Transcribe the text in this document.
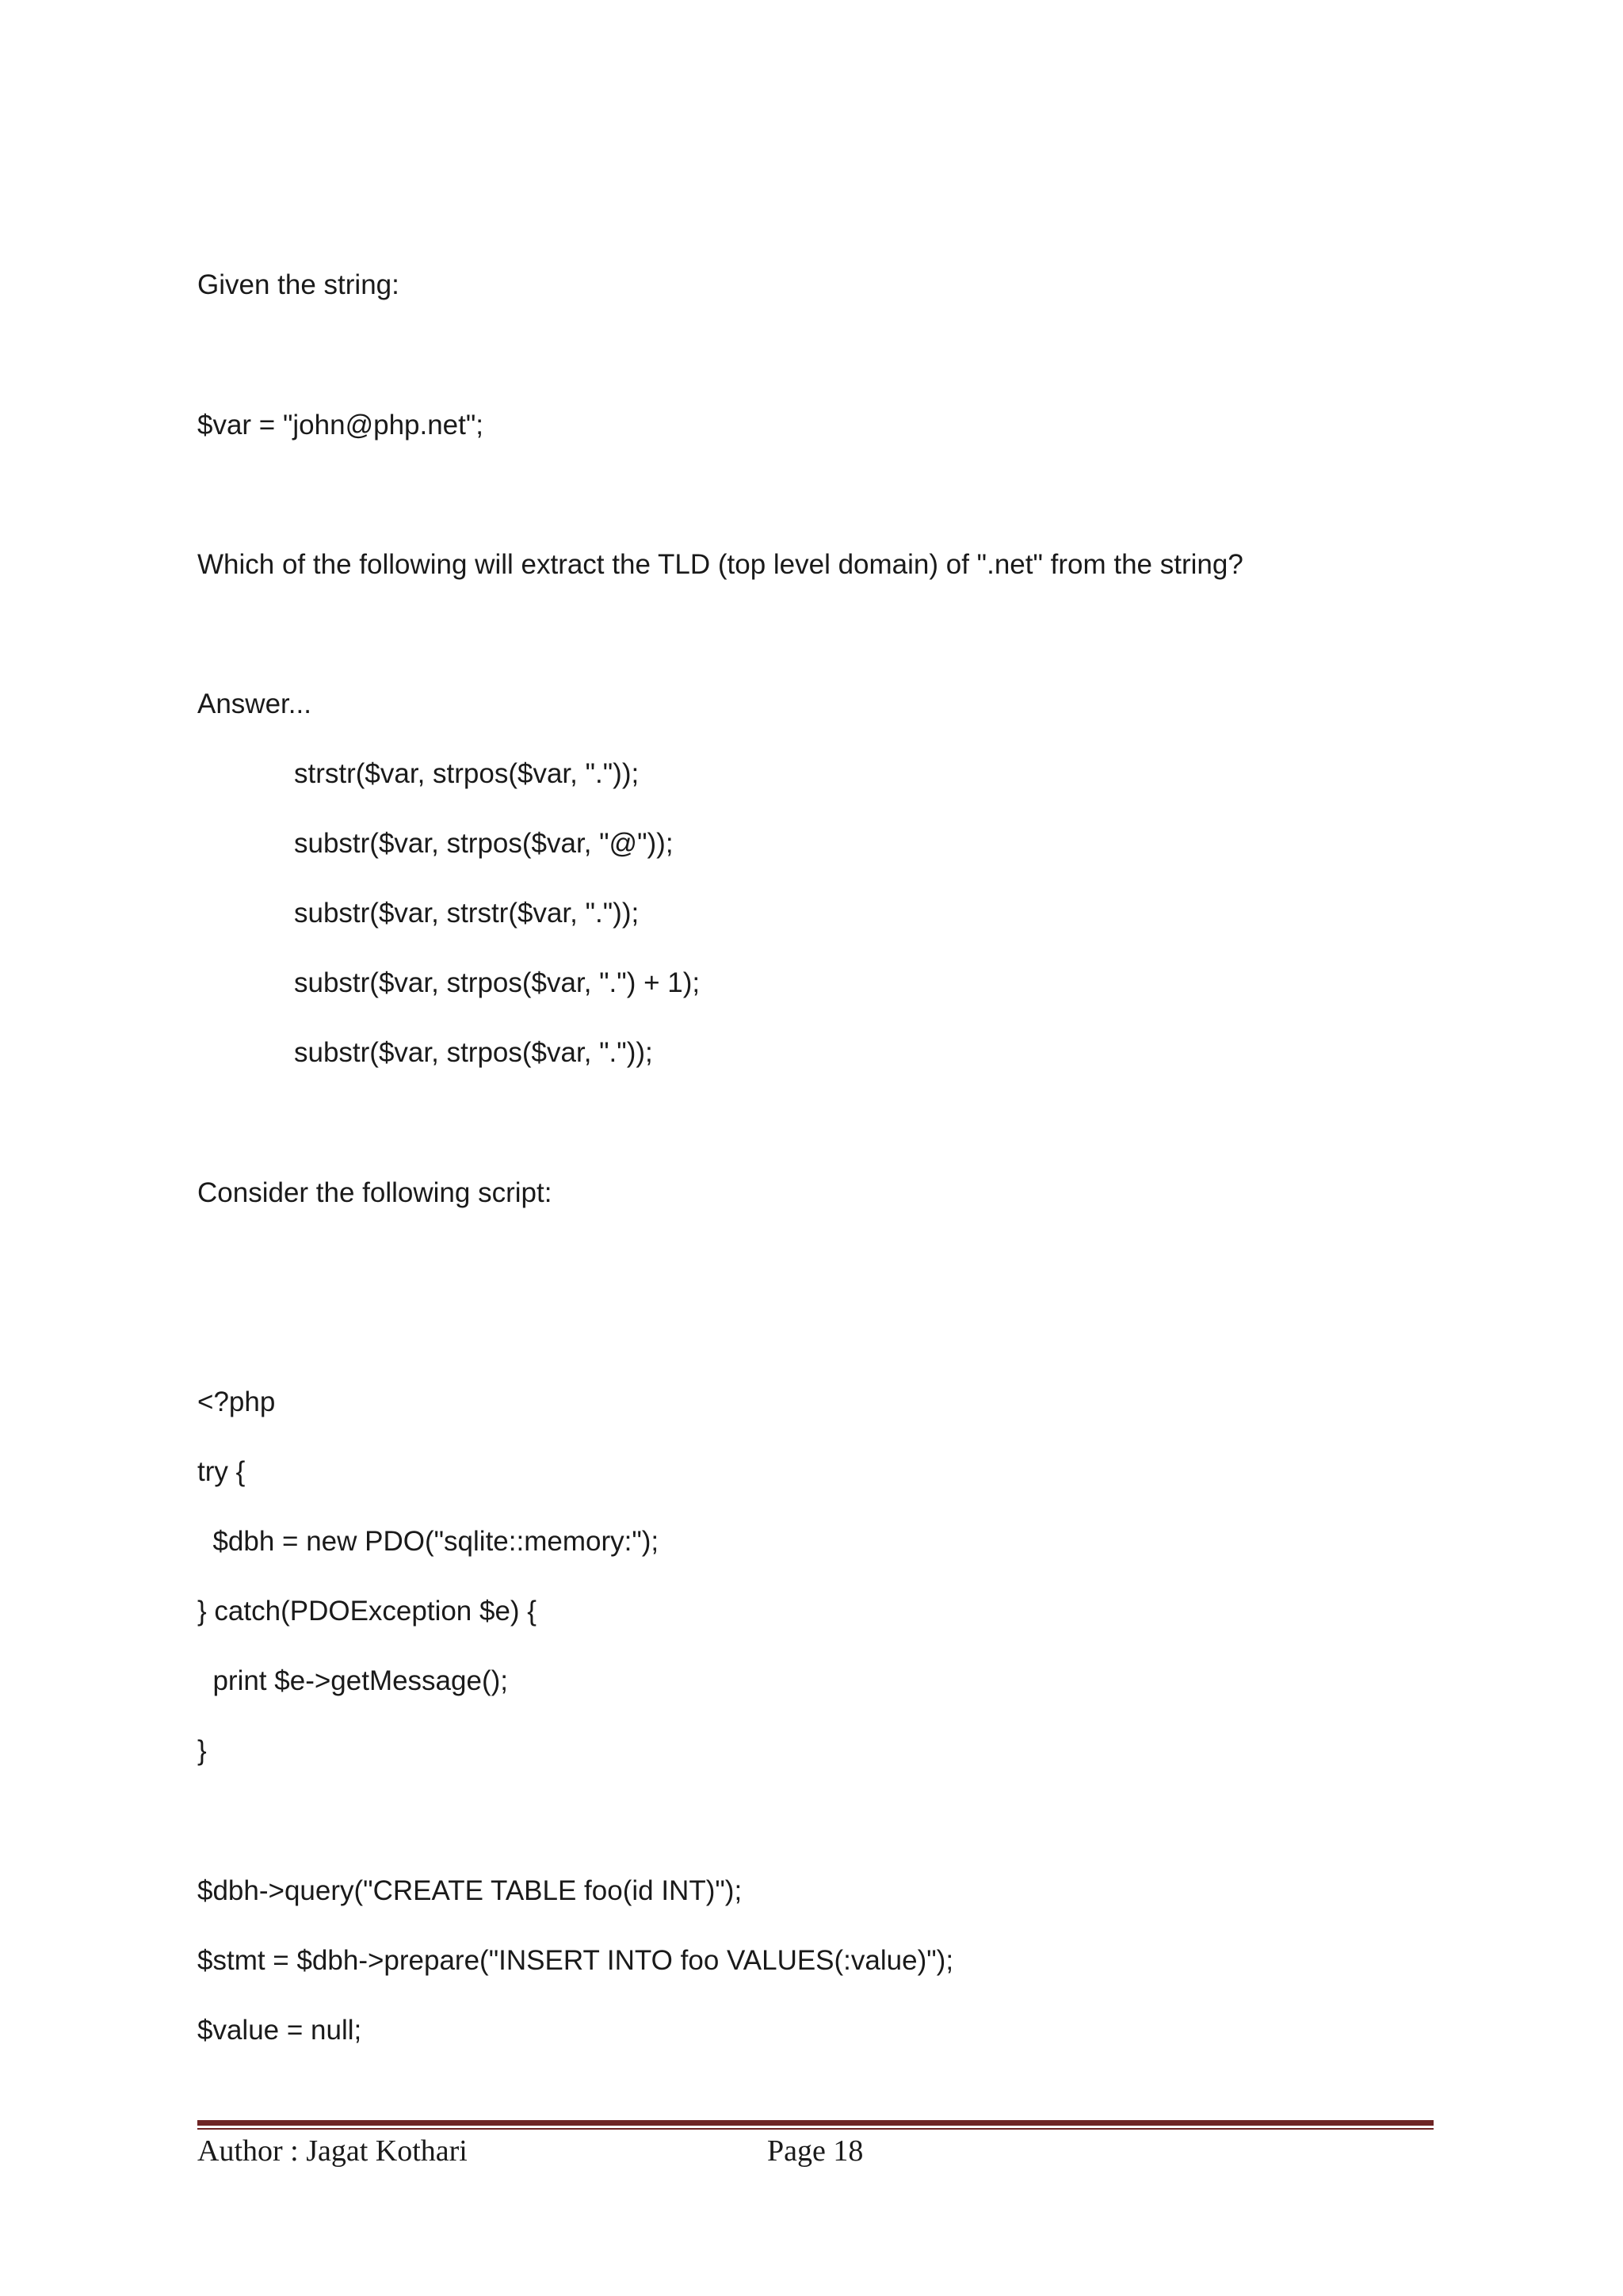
Given the string:
$var = "john@php.net";
Which of the following will extract the TLD (top level domain) of ".net" from the string?
Answer...
strstr($var, strpos($var, "."));
substr($var, strpos($var, "@"));
substr($var, strstr($var, "."));
substr($var, strpos($var, ".") + 1);
substr($var, strpos($var, "."));
Consider the following script:
<?php
try {
$dbh = new PDO("sqlite::memory:");
} catch(PDOException $e) {
print $e->getMessage();
}
$dbh->query("CREATE TABLE foo(id INT)");
$stmt = $dbh->prepare("INSERT INTO foo VALUES(:value)");
$value = null;
Author : Jagat Kothari	Page 18
